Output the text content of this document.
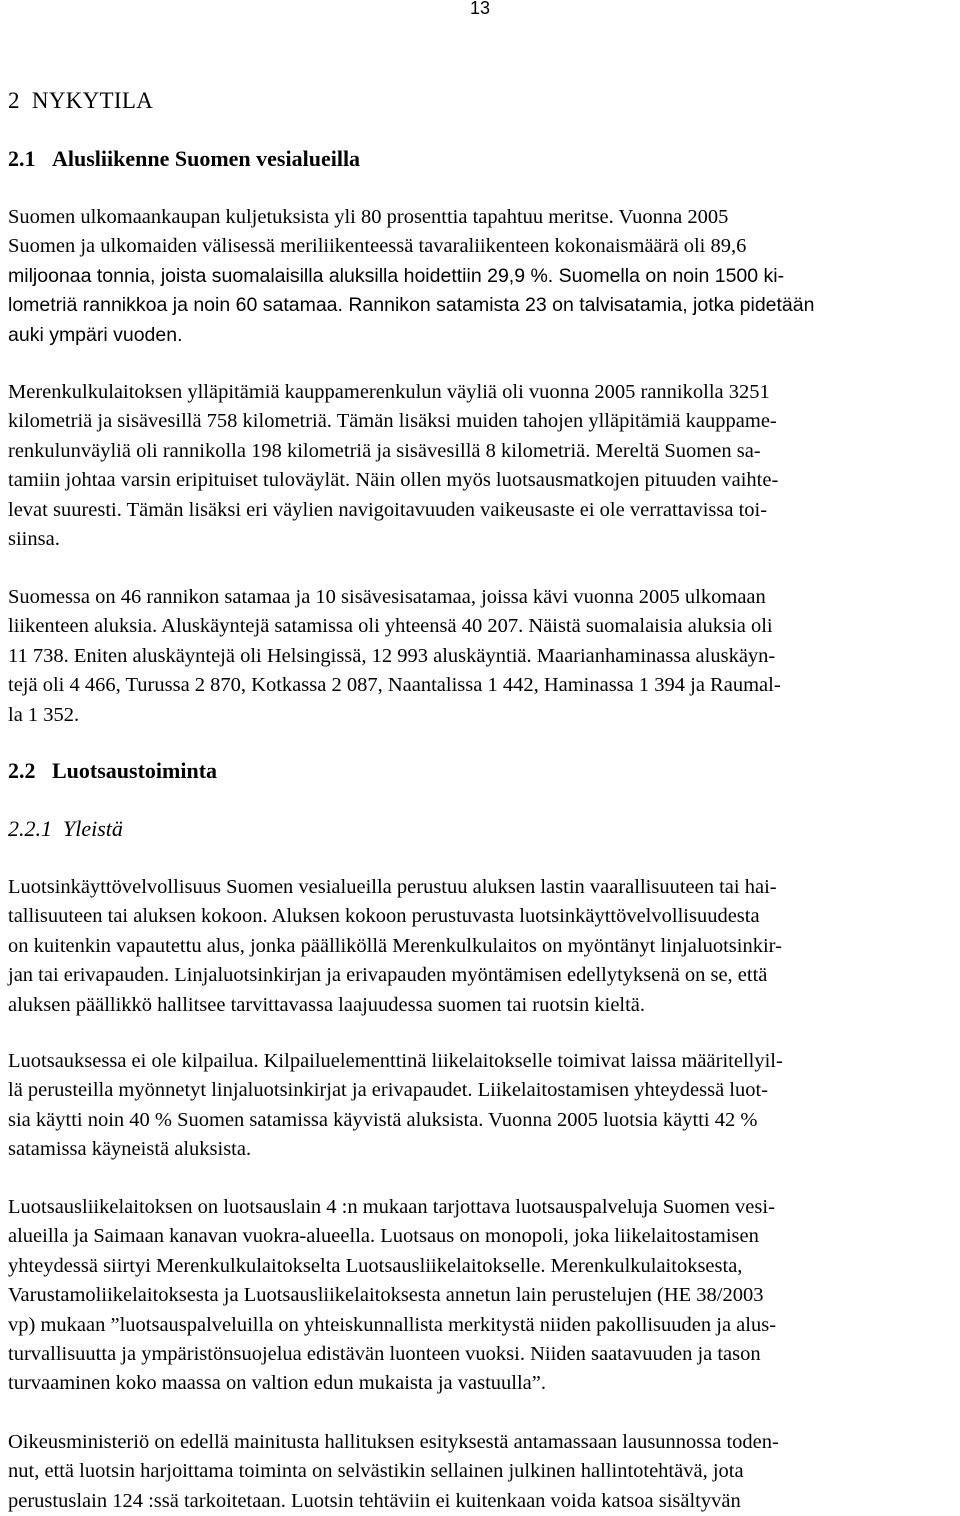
13
2 NYKYTILA
2.1 Alusliikenne Suomen vesialueilla
Suomen ulkomaankaupan kuljetuksista yli 80 prosenttia tapahtuu meritse. Vuonna 2005
Suomen ja ulkomaiden välisessä meriliikenteessä tavaraliikenteen kokonaismäärä oli 89,6
miljoonaa tonnia, joista suomalaisilla aluksilla hoidettiin 29,9 %. Suomella on noin 1500 ki-
lometriä rannikkoa ja noin 60 satamaa. Rannikon satamista 23 on talvisatamia, jotka pidetään
auki ympäri vuoden.
Merenkulkulaitoksen ylläpitämiä kauppamerenkulun väyliä oli vuonna 2005 rannikolla 3251
kilometriä ja sisävesillä 758 kilometriä. Tämän lisäksi muiden tahojen ylläpitämiä kauppame-
renkulunväyliä oli rannikolla 198 kilometriä ja sisävesillä 8 kilometriä. Mereltä Suomen sa-
tamiin johtaa varsin eripituiset tuloväylät. Näin ollen myös luotsausmatkojen pituuden vaihte-
levat suuresti. Tämän lisäksi eri väylien navigoitavuuden vaikeusaste ei ole verrattavissa toi-
siinsa.
Suomessa on 46 rannikon satamaa ja 10 sisävesisatamaa, joissa kävi vuonna 2005 ulkomaan
liikenteen aluksia. Aluskäyntejä satamissa oli yhteensä 40 207. Näistä suomalaisia aluksia oli
11 738. Eniten aluskäyntejä oli Helsingissä, 12 993 aluskäyntiä. Maarianhaminassa aluskäyn-
tejä oli 4 466, Turussa 2 870, Kotkassa 2 087, Naantalissa 1 442, Haminassa 1 394 ja Raumal-
la 1 352.
2.2 Luotsaustoiminta
2.2.1 Yleistä
Luotsinkäyttövelvollisuus Suomen vesialueilla perustuu aluksen lastin vaarallisuuteen tai hai-
tallisuuteen tai aluksen kokoon. Aluksen kokoon perustuvasta luotsinkäyttövelvollisuudesta
on kuitenkin vapautettu alus, jonka päälliköllä Merenkulkulaitos on myöntänyt linjaluotsinkir-
jan tai erivapauden. Linjaluotsinkirjan ja erivapauden myöntämisen edellytyksenä on se, että
aluksen päällikkö hallitsee tarvittavassa laajuudessa suomen tai ruotsin kieltä.
Luotsauksessa ei ole kilpailua. Kilpailuelementtinä liikelaitokselle toimivat laissa määritellyil-
lä perusteilla myönnetyt linjaluotsinkirjat ja erivapaudet. Liikelaitostamisen yhteydessä luot-
sia käytti noin 40 % Suomen satamissa käyvistä aluksista. Vuonna 2005 luotsia käytti 42 %
satamissa käyneistä aluksista.
Luotsausliikelaitoksen on luotsauslain 4 :n mukaan tarjottava luotsauspalveluja Suomen vesi-
alueilla ja Saimaan kanavan vuokra-alueella. Luotsaus on monopoli, joka liikelaitostamisen
yhteydessä siirtyi Merenkulkulaitokselta Luotsausliikelaitokselle. Merenkulkulaitoksesta,
Varustamoliikelaitoksesta ja Luotsausliikelaitoksesta annetun lain perustelujen (HE 38/2003
vp) mukaan ”luotsauspalveluilla on yhteiskunnallista merkitystä niiden pakollisuuden ja alus-
turvallisuutta ja ympäristönsuojelua edistävän luonteen vuoksi. Niiden saatavuuden ja tason
turvaaminen koko maassa on valtion edun mukaista ja vastuulla”.
Oikeusministeriö on edellä mainitusta hallituksen esityksestä antamassaan lausunnossa toden-
nut, että luotsin harjoittama toiminta on selvästikin sellainen julkinen hallintotehtävä, jota
perustuslain 124 :ssä tarkoitetaan. Luotsin tehtäviin ei kuitenkaan voida katsoa sisältyvän
